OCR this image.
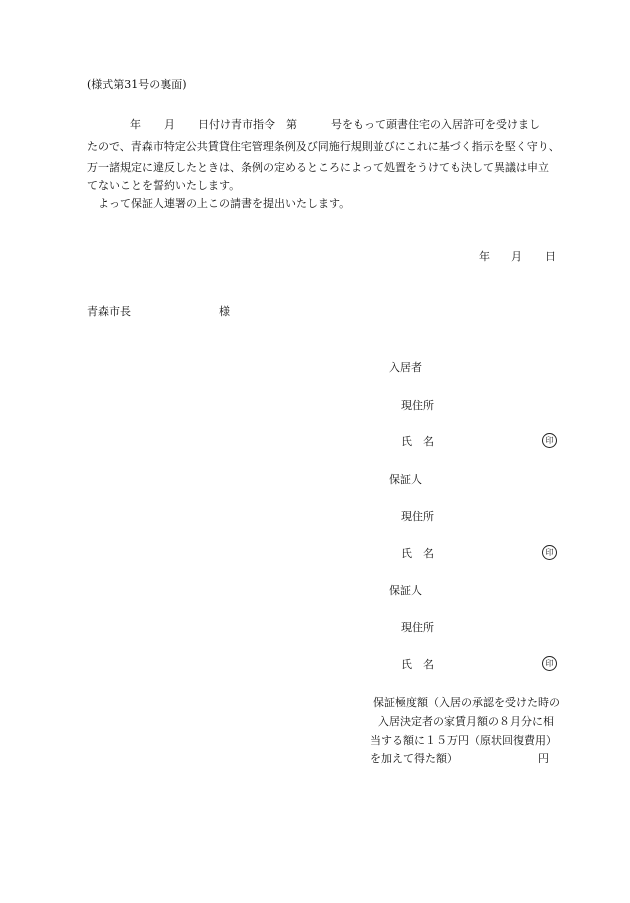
(様式第31号の裏面)
年 月 日付け青市指令　第	号をもって頭書住宅の入居許可を受けまし
たので、青森市特定公共賃貸住宅管理条例及び同施行規則並びにこれに基づく指示を堅く守り、
万一諸規定に違反したときは、条例の定めるところによって処置をうけても決して異議は申立
てないことを誓約いたします。
よって保証人連署の上この請書を提出いたします。
年 月 日
青森市長	様
入居者
現住所
氏　名	印
保証人
現住所
氏　名	印
保証人
現住所
氏　名	印
保証極度額（入居の承認を受けた時の
入居決定者の家賃月額の８月分に相
当する額に１５万円（原状回復費用）
を加えて得た額）	円
